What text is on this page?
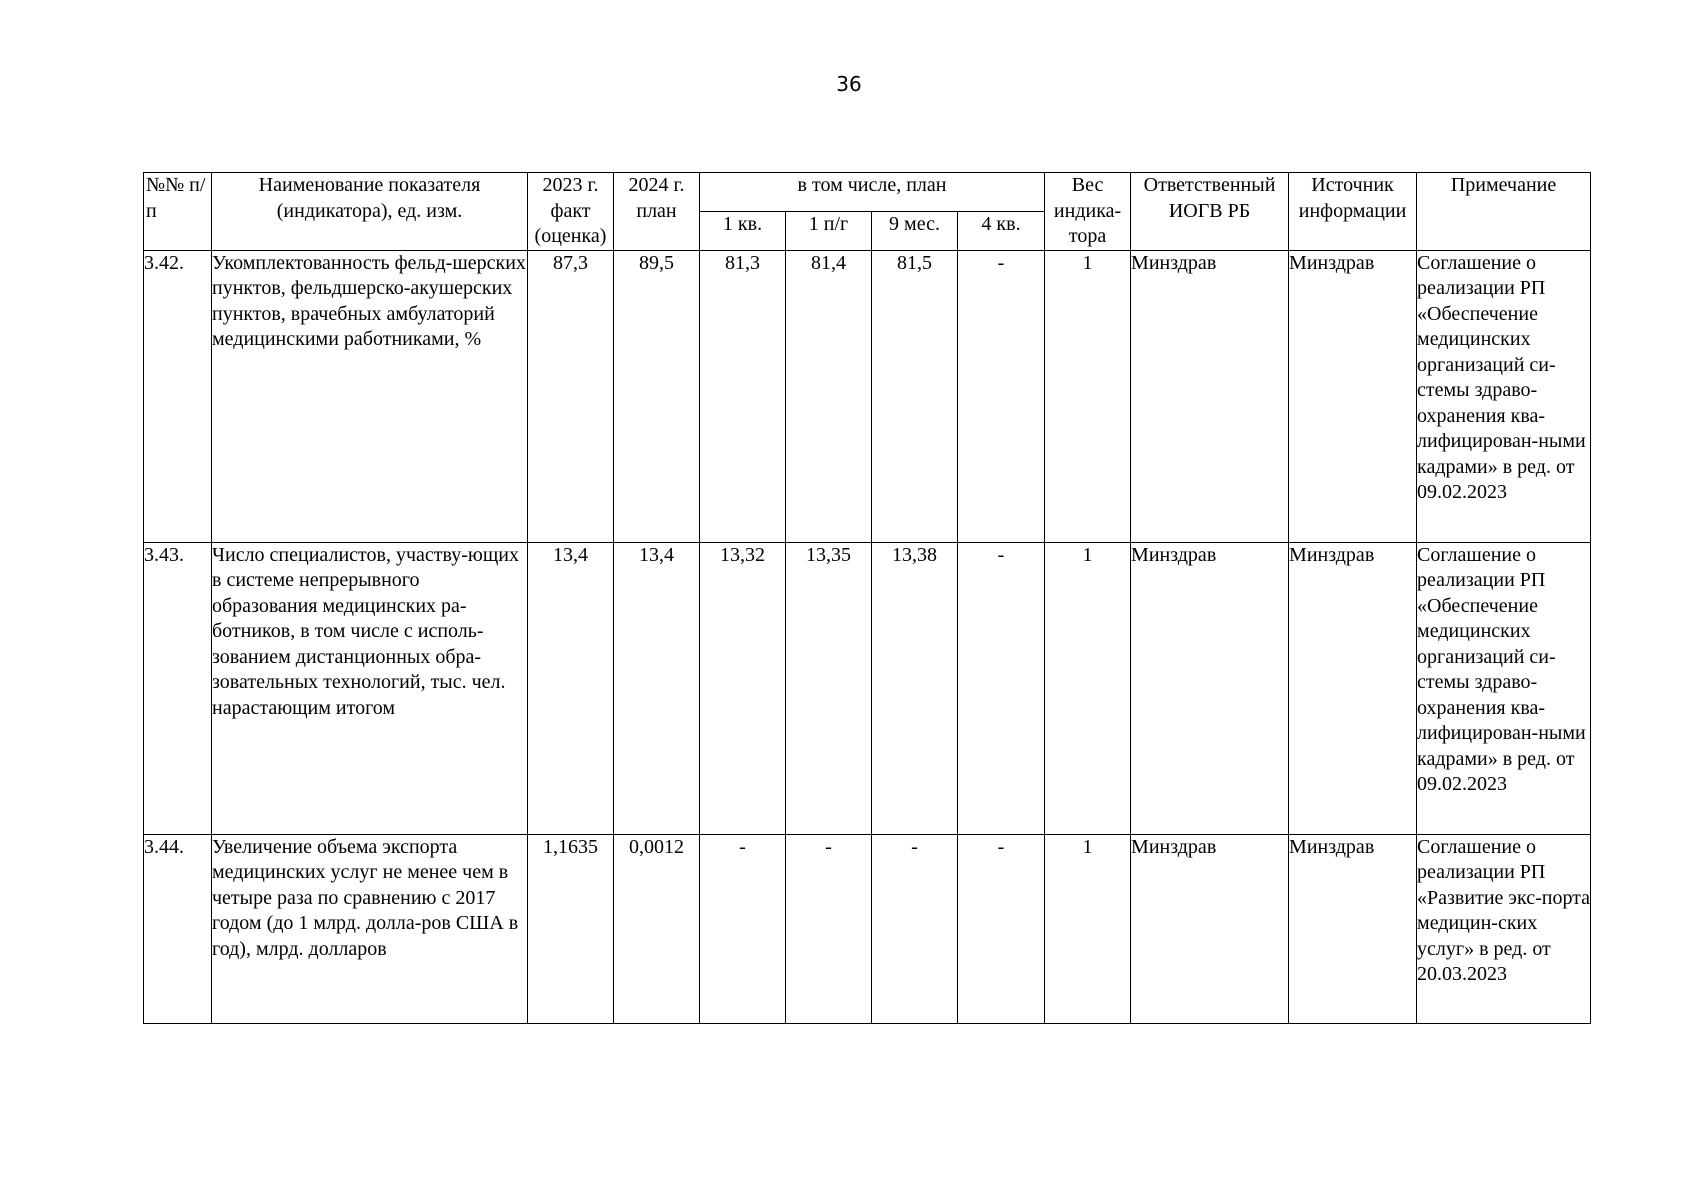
36
№№ п/п	Наименование показателя (индикатора), ед. изм.	2023 г. факт (оценка)	2024 г. план	в том числе, план				Вес индика-тора	Ответственный ИОГВ РБ	Источник информации	Примечание
				1 кв.	1 п/г	9 мес.	4 кв.				
3.42.	Укомплектованность фельд-шерских пунктов, фельдшерско-акушерских пунктов, врачебных амбулаторий медицинскими работниками, %	87,3	89,5	81,3	81,4	81,5	-	1	Минздрав	Минздрав	Соглашение о реализации РП «Обеспечение медицинских организаций си-стемы здраво-охранения ква-лифицирован-ными кадрами» в ред. от 09.02.2023
3.43.	Число специалистов, участву-ющих в системе непрерывного образования медицинских ра-ботников, в том числе с исполь-зованием дистанционных обра-зовательных технологий, тыс. чел. нарастающим итогом	13,4	13,4	13,32	13,35	13,38	-	1	Минздрав	Минздрав	Соглашение о реализации РП «Обеспечение медицинских организаций си-стемы здраво-охранения ква-лифицирован-ными кадрами» в ред. от 09.02.2023
3.44.	Увеличение объема экспорта медицинских услуг не менее чем в четыре раза по сравнению с 2017 годом (до 1 млрд. долла-ров США в год), млрд. долларов	1,1635	0,0012	-	-	-	-	1	Минздрав	Минздрав	Соглашение о реализации РП «Развитие экс-порта медицин-ских услуг» в ред. от 20.03.2023
